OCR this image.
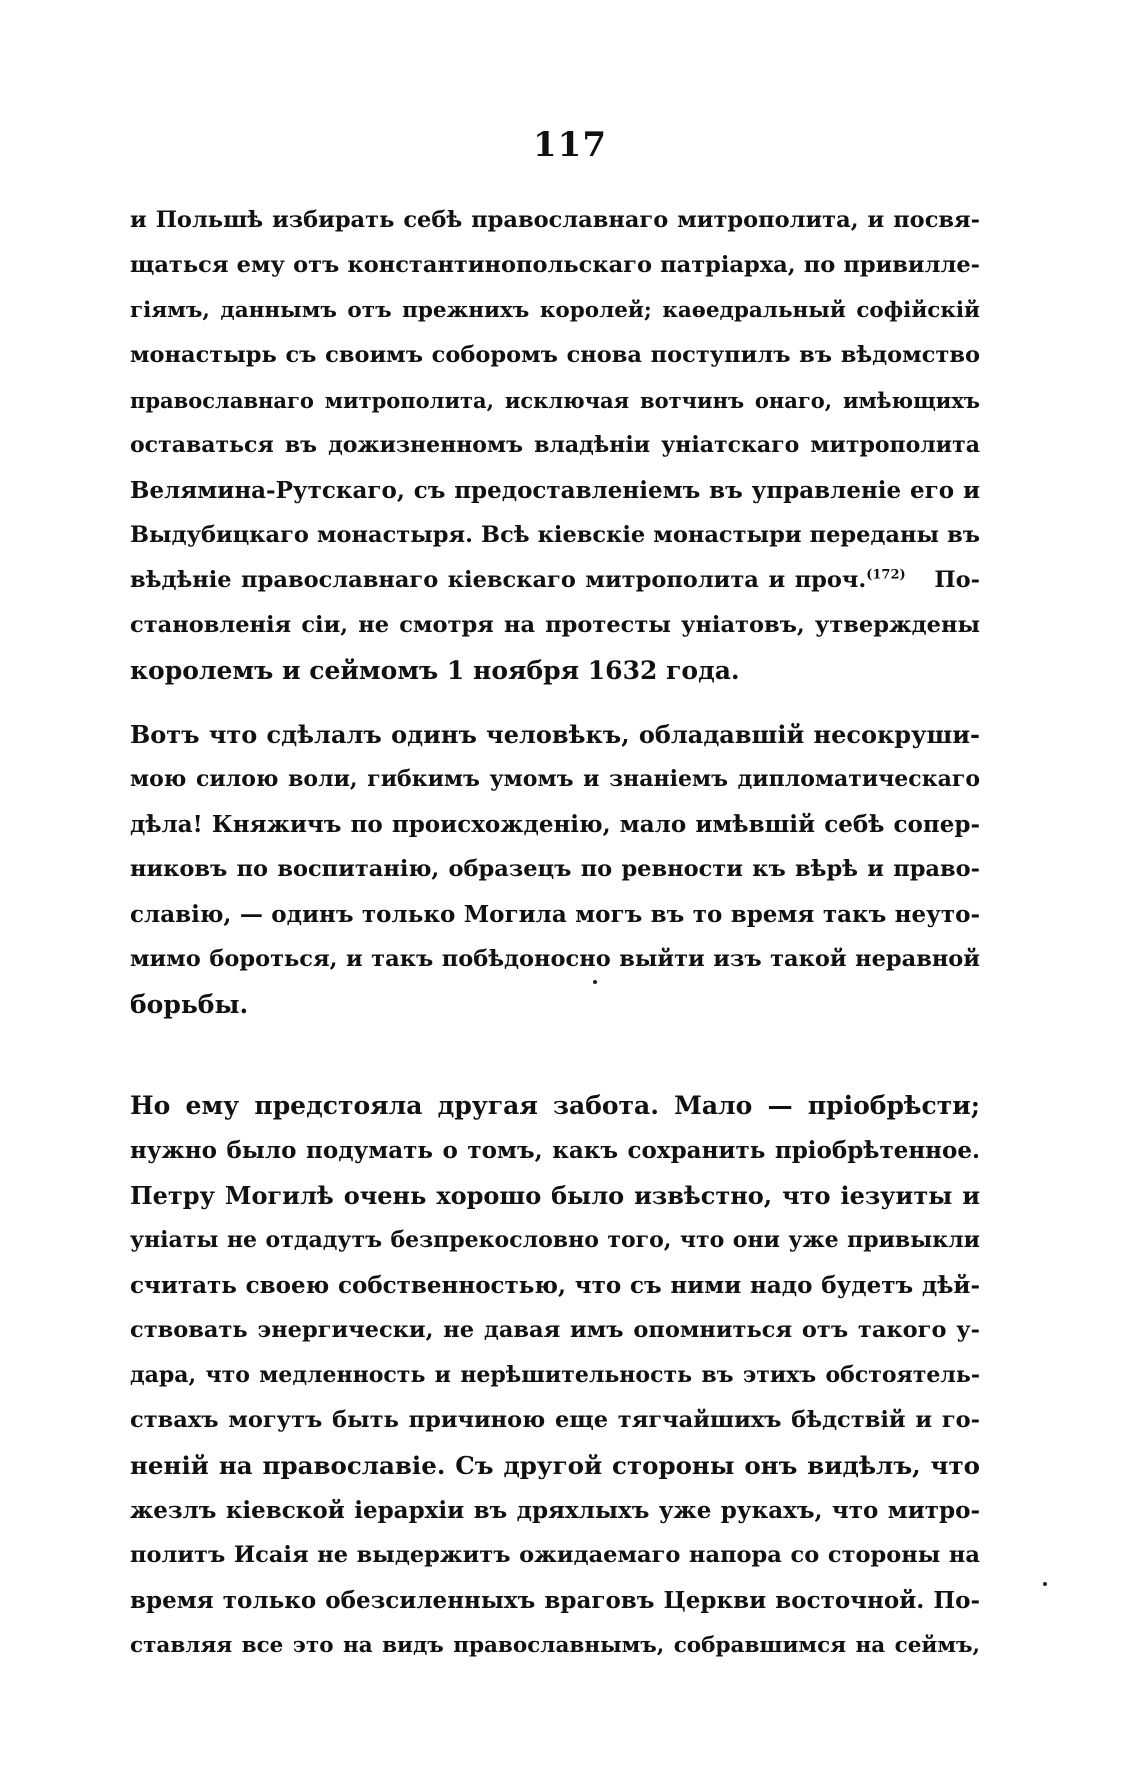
117
и Польшѣ избирать себѣ православнаго митрополита, и посвя-
щаться ему отъ константинопольскаго патріарха, по привилле-
гіямъ, даннымъ отъ прежнихъ королей; каѳедральный софійскій
монастырь съ своимъ соборомъ снова поступилъ въ вѣдомство
православнаго митрополита, исключая вотчинъ онаго, имѣющихъ
оставаться въ дожизненномъ владѣніи уніатскаго митрополита
Велямина-Рутскаго, съ предоставленіемъ въ управленіе его и
Выдубицкаго монастыря. Всѣ кіевскіе монастыри переданы въ
вѣдѣніе православнаго кіевскаго митрополита и проч.$^{(172)}$ По-
становленія сіи, не смотря на протесты уніатовъ, утверждены
королемъ и сеймомъ 1 ноября 1632 года.
Вотъ что сдѣлалъ одинъ человѣкъ, обладавшій несокруши-
мою силою воли, гибкимъ умомъ и знаніемъ дипломатическаго
дѣла! Княжичъ по происхожденію, мало имѣвшій себѣ сопер-
никовъ по воспитанію, образецъ по ревности къ вѣрѣ и право-
славію, — одинъ только Могила могъ въ то время такъ неуто-
мимо бороться, и такъ побѣдоносно выйти изъ такой неравной
борьбы.
Но ему предстояла другая забота. Мало — пріобрѣсти;
нужно было подумать о томъ, какъ сохранить пріобрѣтенное.
Петру Могилѣ очень хорошо было извѣстно, что іезуиты и
уніаты не отдадутъ безпрекословно того, что они уже привыкли
считать своею собственностью, что съ ними надо будетъ дѣй-
ствовать энергически, не давая имъ опомниться отъ такого у-
дара, что медленность и нерѣшительность въ этихъ обстоятель-
ствахъ могутъ быть причиною еще тягчайшихъ бѣдствій и го-
неній на православіе. Съ другой стороны онъ видѣлъ, что
жезлъ кіевской іерархіи въ дряхлыхъ уже рукахъ, что митро-
политъ Исаія не выдержитъ ожидаемаго напора со стороны на
время только обезсиленныхъ враговъ Церкви восточной. По-
ставляя все это на видъ православнымъ, собравшимся на сеймъ,
